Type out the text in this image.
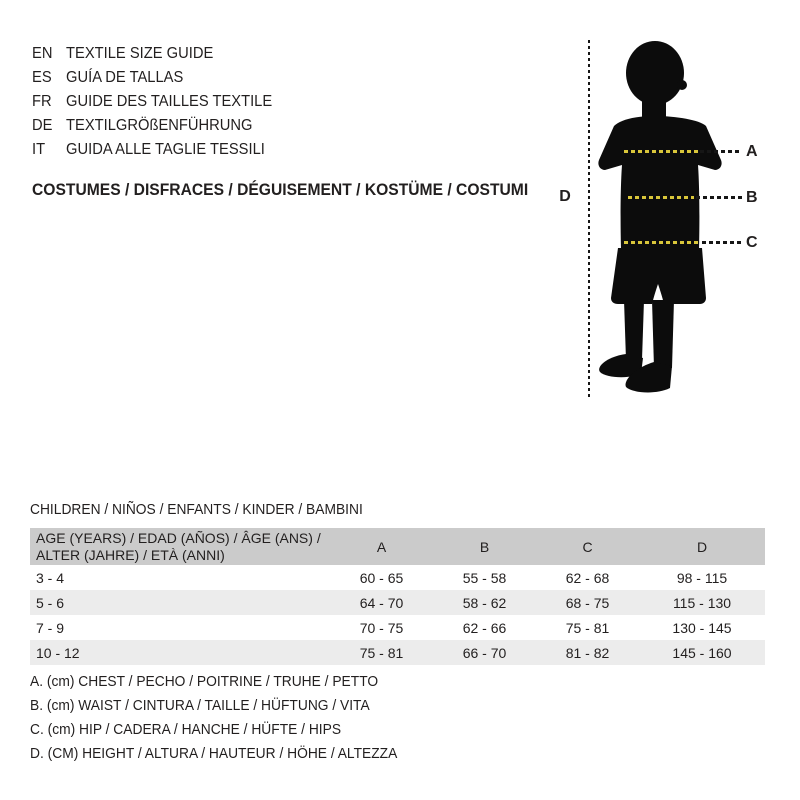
EN TEXTILE SIZE GUIDE
ES GUÍA DE TALLAS
FR GUIDE DES TAILLES TEXTILE
DE TEXTILGRÖßENFÜHRUNG
IT	GUIDA ALLE TAGLIE TESSILI
COSTUMES / DISFRACES / DÉGUISEMENT / KOSTÜME / COSTUMI	D
A
B
C
CHILDREN / NIÑOS / ENFANTS / KINDER / BAMBINI
AGE (YEARS) / EDAD (AÑOS) / ÂGE (ANS) /
ALTER (JAHRE) / ETÀ (ANNI)	A	B	C	D
3 - 4	60 - 65	55 - 58	62 - 68	98 - 115
5 - 6	64 - 70	58 - 62	68 - 75	115 - 130
7 - 9	70 - 75	62 - 66	75 - 81	130 - 145
10 - 12	75 - 81	66 - 70	81 - 82	145 - 160
A. (cm) CHEST / PECHO / POITRINE / TRUHE / PETTO
B. (cm) WAIST / CINTURA / TAILLE / HÜFTUNG / VITA
C. (cm) HIP / CADERA / HANCHE / HÜFTE / HIPS
D. (CM) HEIGHT / ALTURA / HAUTEUR / HÖHE / ALTEZZA
